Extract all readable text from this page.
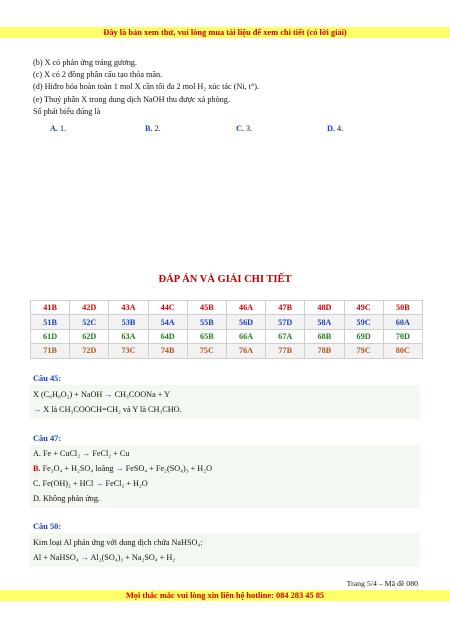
Đây là bản xem thử, vui lòng mua tài liệu để xem chi tiết (có lời giải)
(b) X có phản ứng tráng gương.
(c) X có 2 đồng phân cấu tạo thỏa mãn.
(d) Hiđro hóa hoàn toàn 1 mol X cần tối đa 2 mol H₂ xúc tác (Ni, t°).
(e) Thuỷ phân X trong dung dịch NaOH thu được xà phòng.
Số phát biểu đúng là
A. 1.	B. 2.	C. 3.	D. 4.
ĐÁP ÁN VÀ GIẢI CHI TIẾT
41B	42D	43A	44C	45B	46A	47B	48D	49C	50B
51B	52C	53B	54A	55B	56D	57D	58A	59C	60A
61D	62D	63A	64D	65B	66A	67A	68B	69D	70D
71B	72D	73C	74B	75C	76A	77B	78B	79C	80C
Câu 45:
X (C₆H₈O₂) + NaOH → CH₃COONa + Y
→ X là CH₃COOCH=CH₂ và Y là CH₃CHO.
Câu 47:
A. Fe + CuCl₂ → FeCl₂ + Cu
B. Fe₃O₄ + H₂SO₄ loãng → FeSO₄ + Fe₂(SO₄)₃ + H₂O
C. Fe(OH)₂ + HCl → FeCl₂ + H₂O
D. Không phản ứng.
Câu 50:
Kim loại Al phản ứng với dung dịch chứa NaHSO₄:
Al + NaHSO₄ → Al₂(SO₄)₃ + Na₂SO₄ + H₂
Trang 5/4 – Mã đề 080
Mọi thắc mắc vui lòng xin liên hệ hotline: 084 283 45 85
